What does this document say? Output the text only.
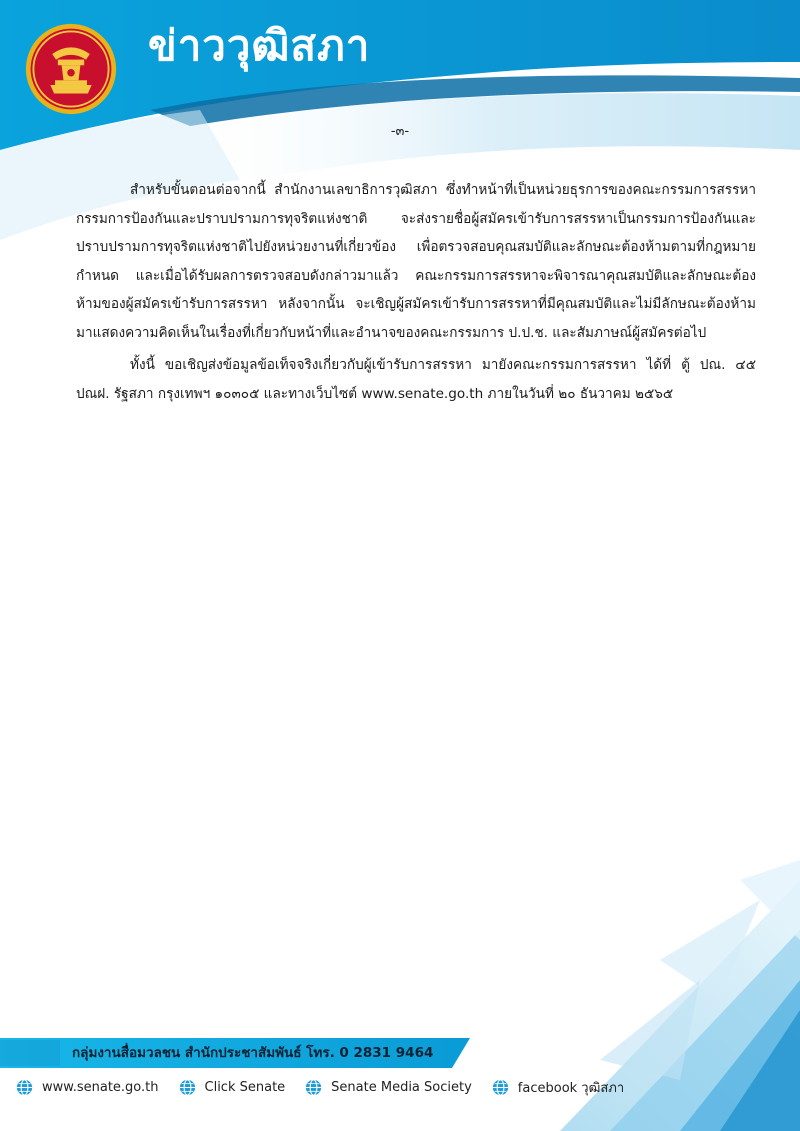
ข่าววุฒิสภา
-๓-

สำหรับขั้นตอนต่อจากนี้ สำนักงานเลขาธิการวุฒิสภา ซึ่งทำหน้าที่เป็นหน่วยธุรการของคณะกรรมการสรรหากรรมการป้องกันและปราบปรามการทุจริตแห่งชาติ จะส่งรายชื่อผู้สมัครเข้ารับการสรรหาเป็นกรรมการป้องกันและปราบปรามการทุจริตแห่งชาติไปยังหน่วยงานที่เกี่ยวข้อง เพื่อตรวจสอบคุณสมบัติและลักษณะต้องห้ามตามที่กฎหมายกำหนด และเมื่อได้รับผลการตรวจสอบดังกล่าวมาแล้ว คณะกรรมการสรรหาจะพิจารณาคุณสมบัติและลักษณะต้องห้ามของผู้สมัครเข้ารับการสรรหา หลังจากนั้น จะเชิญผู้สมัครเข้ารับการสรรหาที่มีคุณสมบัติและไม่มีลักษณะต้องห้ามมาแสดงความคิดเห็นในเรื่องที่เกี่ยวกับหน้าที่และอำนาจของคณะกรรมการ ป.ป.ช. และสัมภาษณ์ผู้สมัครต่อไป

ทั้งนี้ ขอเชิญส่งข้อมูลข้อเท็จจริงเกี่ยวกับผู้เข้ารับการสรรหา มายังคณะกรรมการสรรหา ได้ที่ ตู้ ปณ. ๔๕ ปณฝ. รัฐสภา กรุงเทพฯ ๑๐๓๐๕ และทางเว็บไซต์ www.senate.go.th ภายในวันที่ ๒๐ ธันวาคม ๒๕๖๕

กลุ่มงานสื่อมวลชน สำนักประชาสัมพันธ์ โทร. 0 2831 9464
www.senate.go.th	Click Senate	Senate Media Society	facebook วุฒิสภา
